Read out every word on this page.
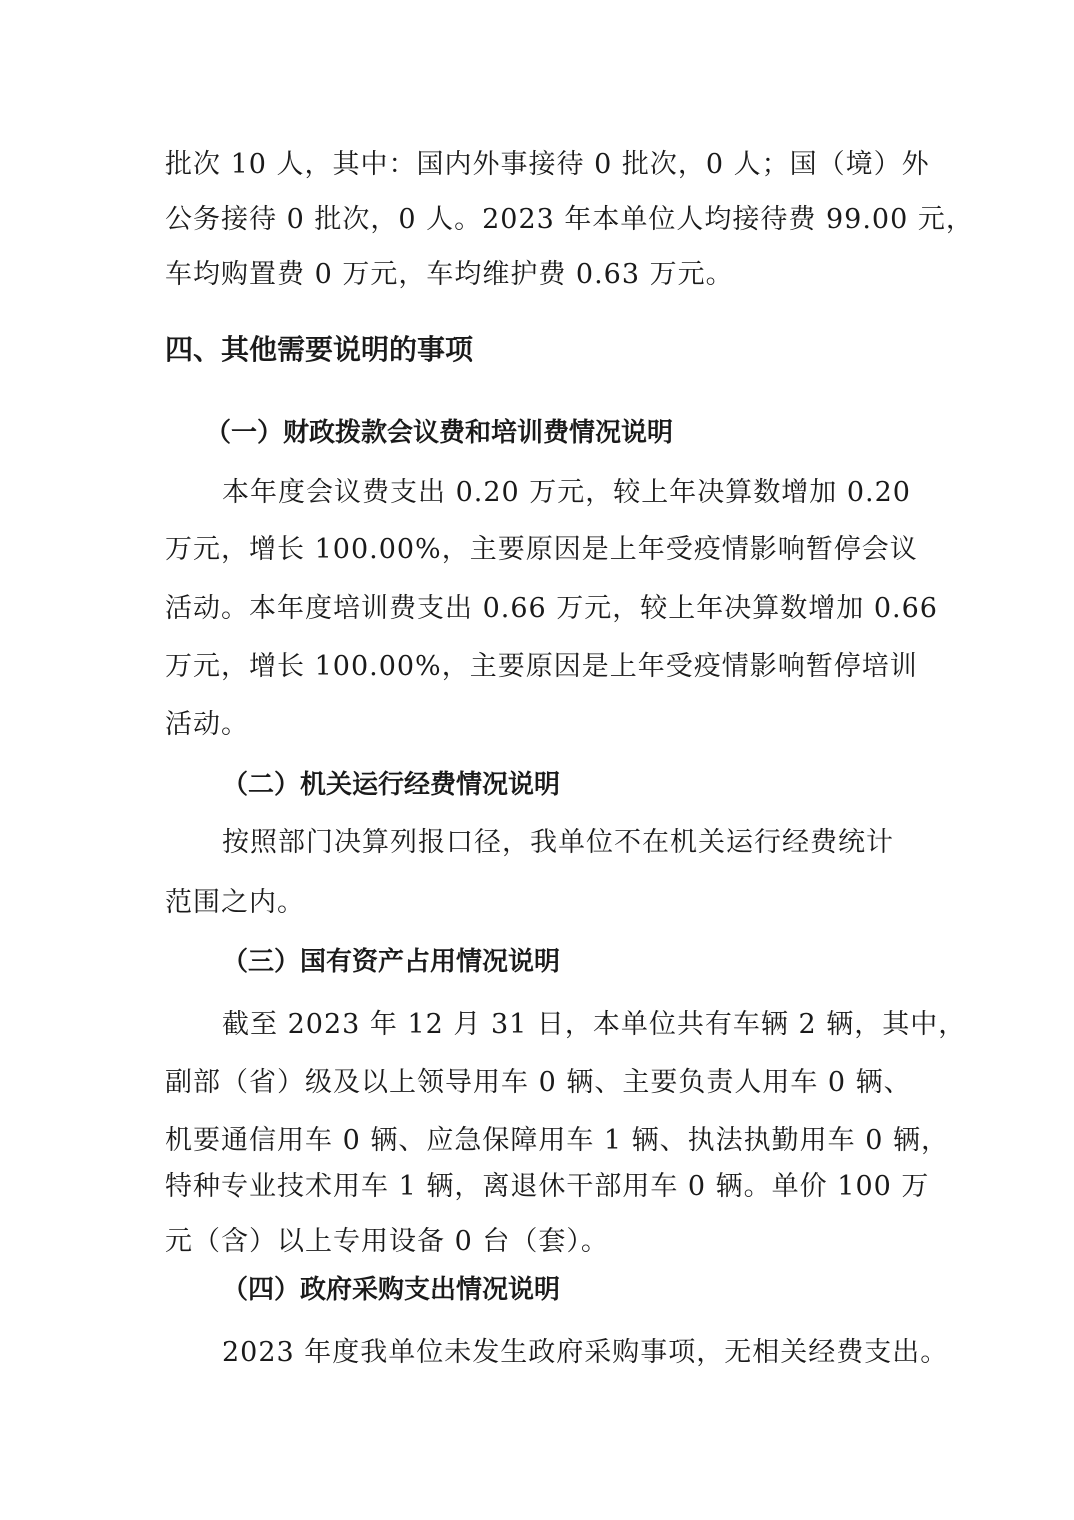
批次 10 人，其中：国内外事接待 0 批次，0 人；国（境）外
公务接待 0 批次，0 人。2023 年本单位人均接待费 99.00 元，
车均购置费 0 万元，车均维护费 0.63 万元。
四、其他需要说明的事项
（一）财政拨款会议费和培训费情况说明
本年度会议费支出 0.20 万元，较上年决算数增加 0.20
万元，增长 100.00%，主要原因是上年受疫情影响暂停会议
活动。本年度培训费支出 0.66 万元，较上年决算数增加 0.66
万元，增长 100.00%，主要原因是上年受疫情影响暂停培训
活动。
（二）机关运行经费情况说明
按照部门决算列报口径，我单位不在机关运行经费统计
范围之内。
（三）国有资产占用情况说明
截至 2023 年 12 月 31 日，本单位共有车辆 2 辆，其中，
副部（省）级及以上领导用车 0 辆、主要负责人用车 0 辆、
机要通信用车 0 辆、应急保障用车 1 辆、执法执勤用车 0 辆，
特种专业技术用车 1 辆，离退休干部用车 0 辆。单价 100 万
元（含）以上专用设备 0 台（套）。
（四）政府采购支出情况说明
2023 年度我单位未发生政府采购事项，无相关经费支出。
